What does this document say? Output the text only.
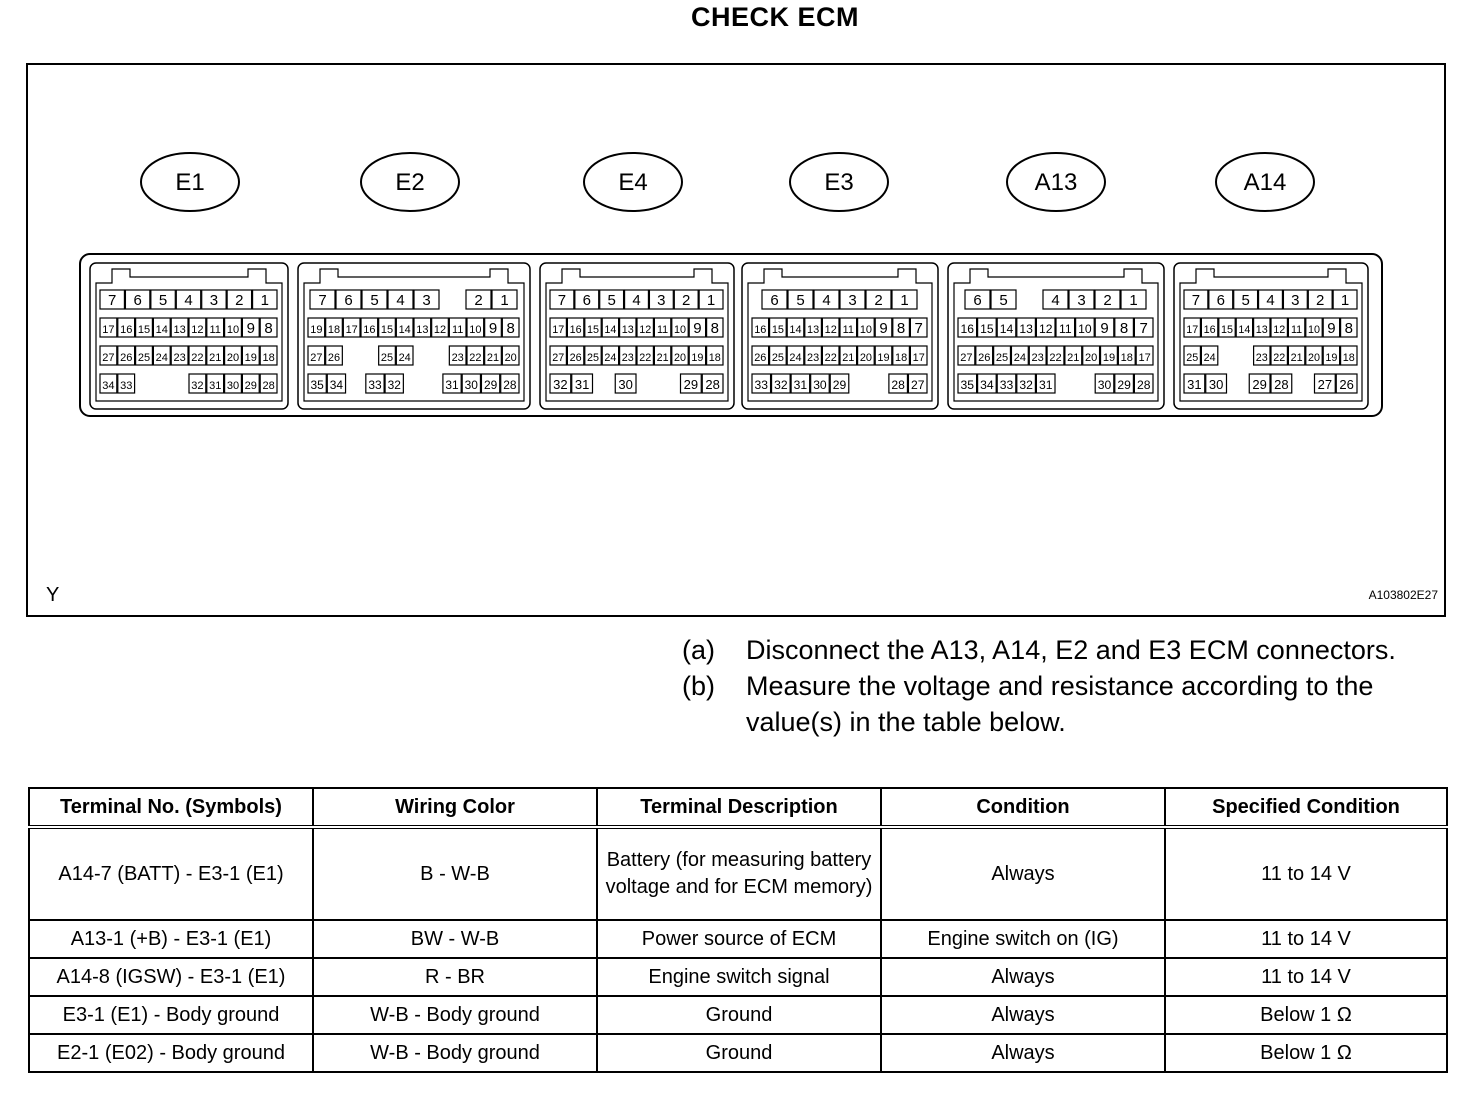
CHECK ECM
E1
7 6 5 4 3 2 1
17 16 15 14 13 12 11 10 9 8
27 26 25 24 23 22 21 20 19 18
34 33	32 31 30 29 28
E2
7 6 5 4 3	2 1
19 18 17 16 15 14 13 12 11 10 9 8
27 26	25 24	23 22 21 20
35 34 33 32	31 30 29 28
E4
7 6 5 4 3 2 1
17 16 15 14 13 12 11 10 9 8
27 26 25 24 23 22 21 20 19 18
32 31 30	29 28
E3
6 5 4 3 2 1
16 15 14 13 12 11 10 9 8 7
26 25 24 23 22 21 20 19 18 17
33 32 31 30 29	28 27
A13
6 5	4 3 2 1
16 15 14 13 12 11 10 9 8 7
27 26 25 24 23 22 21 20 19 18 17
35 34 33 32 31	30 29 28
A14
7 6 5 4 3 2 1
17 16 15 14 13 12 11 10 9 8
25 24	23 22 21 20 19 18
31 30 29 28 27 26
Y	A103802E27
(a)	Disconnect the A13, A14, E2 and E3 ECM connectors.
(b)	Measure the voltage and resistance according to the value(s) in the table below.
Terminal No. (Symbols)	Wiring Color	Terminal Description	Condition	Specified Condition
A14-7 (BATT) - E3-1 (E1)	B - W-B	Battery (for measuring battery voltage and for ECM memory)	Always	11 to 14 V
A13-1 (+B) - E3-1 (E1)	BW - W-B	Power source of ECM	Engine switch on (IG)	11 to 14 V
A14-8 (IGSW) - E3-1 (E1)	R - BR	Engine switch signal	Always	11 to 14 V
E3-1 (E1) - Body ground	W-B - Body ground	Ground	Always	Below 1 Ω
E2-1 (E02) - Body ground	W-B - Body ground	Ground	Always	Below 1 Ω
